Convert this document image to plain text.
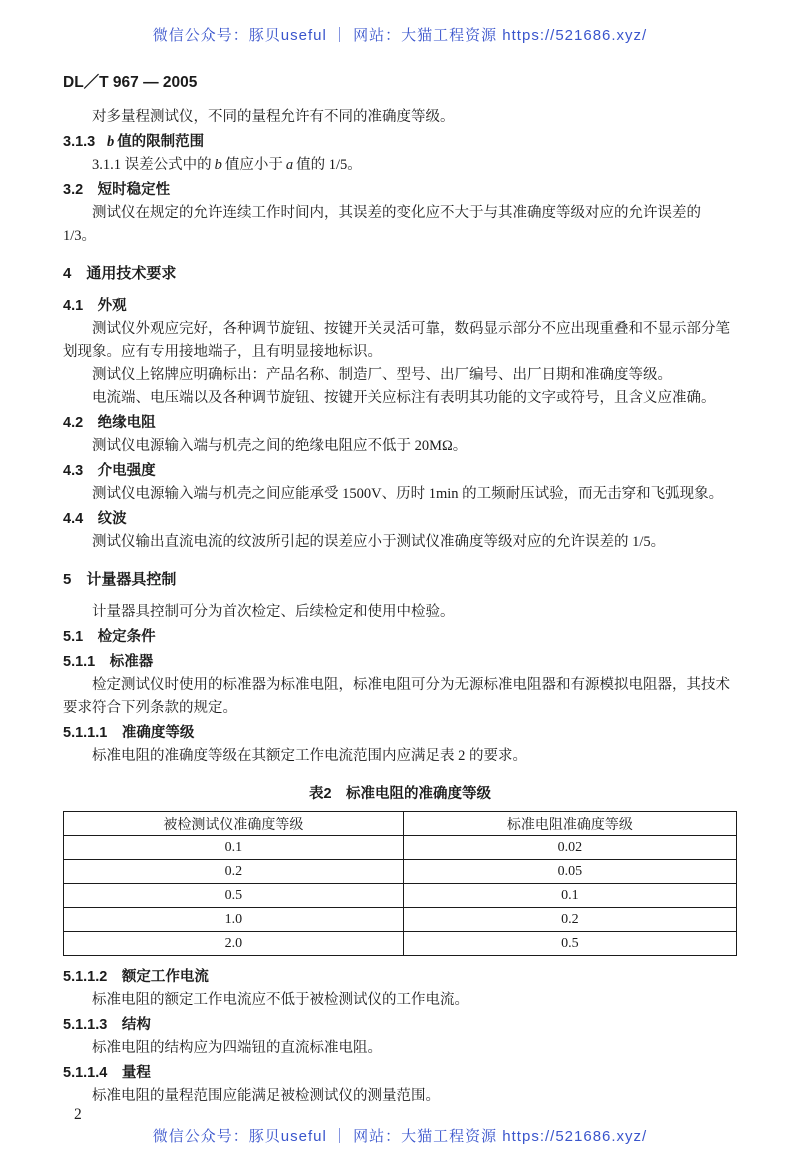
微信公众号：豚贝useful ｜ 网站：大猫工程资源 https://521686.xyz/
DL／T 967 — 2005

对多量程测试仪，不同的量程允许有不同的准确度等级。

3.1.3 b 值的限制范围

3.1.1 误差公式中的 b 值应小于 a 值的 1/5。

3.2　短时稳定性

测试仪在规定的允许连续工作时间内，其误差的变化应不大于与其准确度等级对应的允许误差的 1/3。

4　通用技术要求
4.1　外观

测试仪外观应完好，各种调节旋钮、按键开关灵活可靠，数码显示部分不应出现重叠和不显示部分笔划现象。应有专用接地端子，且有明显接地标识。

测试仪上铭牌应明确标出：产品名称、制造厂、型号、出厂编号、出厂日期和准确度等级。

电流端、电压端以及各种调节旋钮、按键开关应标注有表明其功能的文字或符号，且含义应准确。

4.2　绝缘电阻

测试仪电源输入端与机壳之间的绝缘电阻应不低于 20MΩ。

4.3　介电强度

测试仪电源输入端与机壳之间应能承受 1500V、历时 1min 的工频耐压试验，而无击穿和飞弧现象。

4.4　纹波

测试仪输出直流电流的纹波所引起的误差应小于测试仪准确度等级对应的允许误差的 1/5。

5　计量器具控制

计量器具控制可分为首次检定、后续检定和使用中检验。

5.1　检定条件
5.1.1　标准器

检定测试仪时使用的标准器为标准电阻，标准电阻可分为无源标准电阻器和有源模拟电阻器，其技术要求符合下列条款的规定。

5.1.1.1　准确度等级

标准电阻的准确度等级在其额定工作电流范围内应满足表 2 的要求。

表2　标准电阻的准确度等级
被检测试仪准确度等级	标准电阻准确度等级
0.1	0.02
0.2	0.05
0.5	0.1
1.0	0.2
2.0	0.5
5.1.1.2　额定工作电流

标准电阻的额定工作电流应不低于被检测试仪的工作电流。

5.1.1.3　结构

标准电阻的结构应为四端钮的直流标准电阻。

5.1.1.4　量程

标准电阻的量程范围应能满足被检测试仪的测量范围。

2
微信公众号：豚贝useful ｜ 网站：大猫工程资源 https://521686.xyz/
